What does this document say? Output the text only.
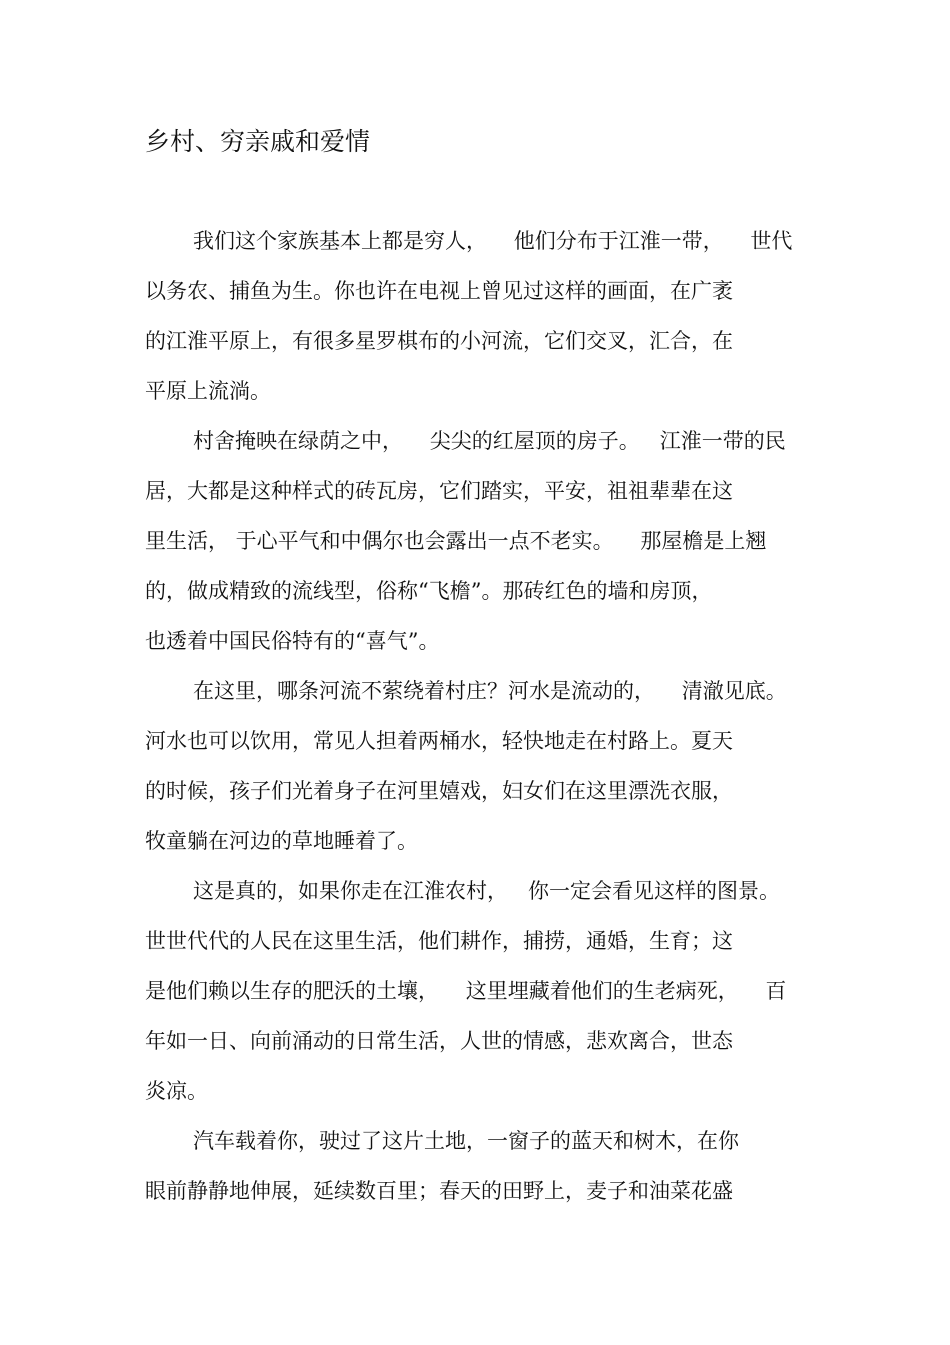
乡村、穷亲戚和爱情
我们这个家族基本上都是穷人，    他们分布于江淮一带，    世代
以务农、捕鱼为生。你也许在电视上曾见过这样的画面，在广袤
的江淮平原上，有很多星罗棋布的小河流，它们交叉，汇合，在
平原上流淌。
村舍掩映在绿荫之中，    尖尖的红屋顶的房子。   江淮一带的民
居，大都是这种样式的砖瓦房，它们踏实，平安，祖祖辈辈在这
里生活， 于心平气和中偶尔也会露出一点不老实。    那屋檐是上翘
的，做成精致的流线型，俗称“飞檐”。那砖红色的墙和房顶，
也透着中国民俗特有的“喜气”。
在这里，哪条河流不萦绕着村庄？河水是流动的，    清澈见底。
河水也可以饮用，常见人担着两桶水，轻快地走在村路上。夏天
的时候，孩子们光着身子在河里嬉戏，妇女们在这里漂洗衣服，
牧童躺在河边的草地睡着了。
这是真的，如果你走在江淮农村，   你一定会看见这样的图景。
世世代代的人民在这里生活，他们耕作，捕捞，通婚，生育；这
是他们赖以生存的肥沃的土壤，    这里埋藏着他们的生老病死，    百
年如一日、向前涌动的日常生活，人世的情感，悲欢离合，世态
炎凉。
汽车载着你，驶过了这片土地，一窗子的蓝天和树木，在你
眼前静静地伸展，延续数百里；春天的田野上，麦子和油菜花盛
